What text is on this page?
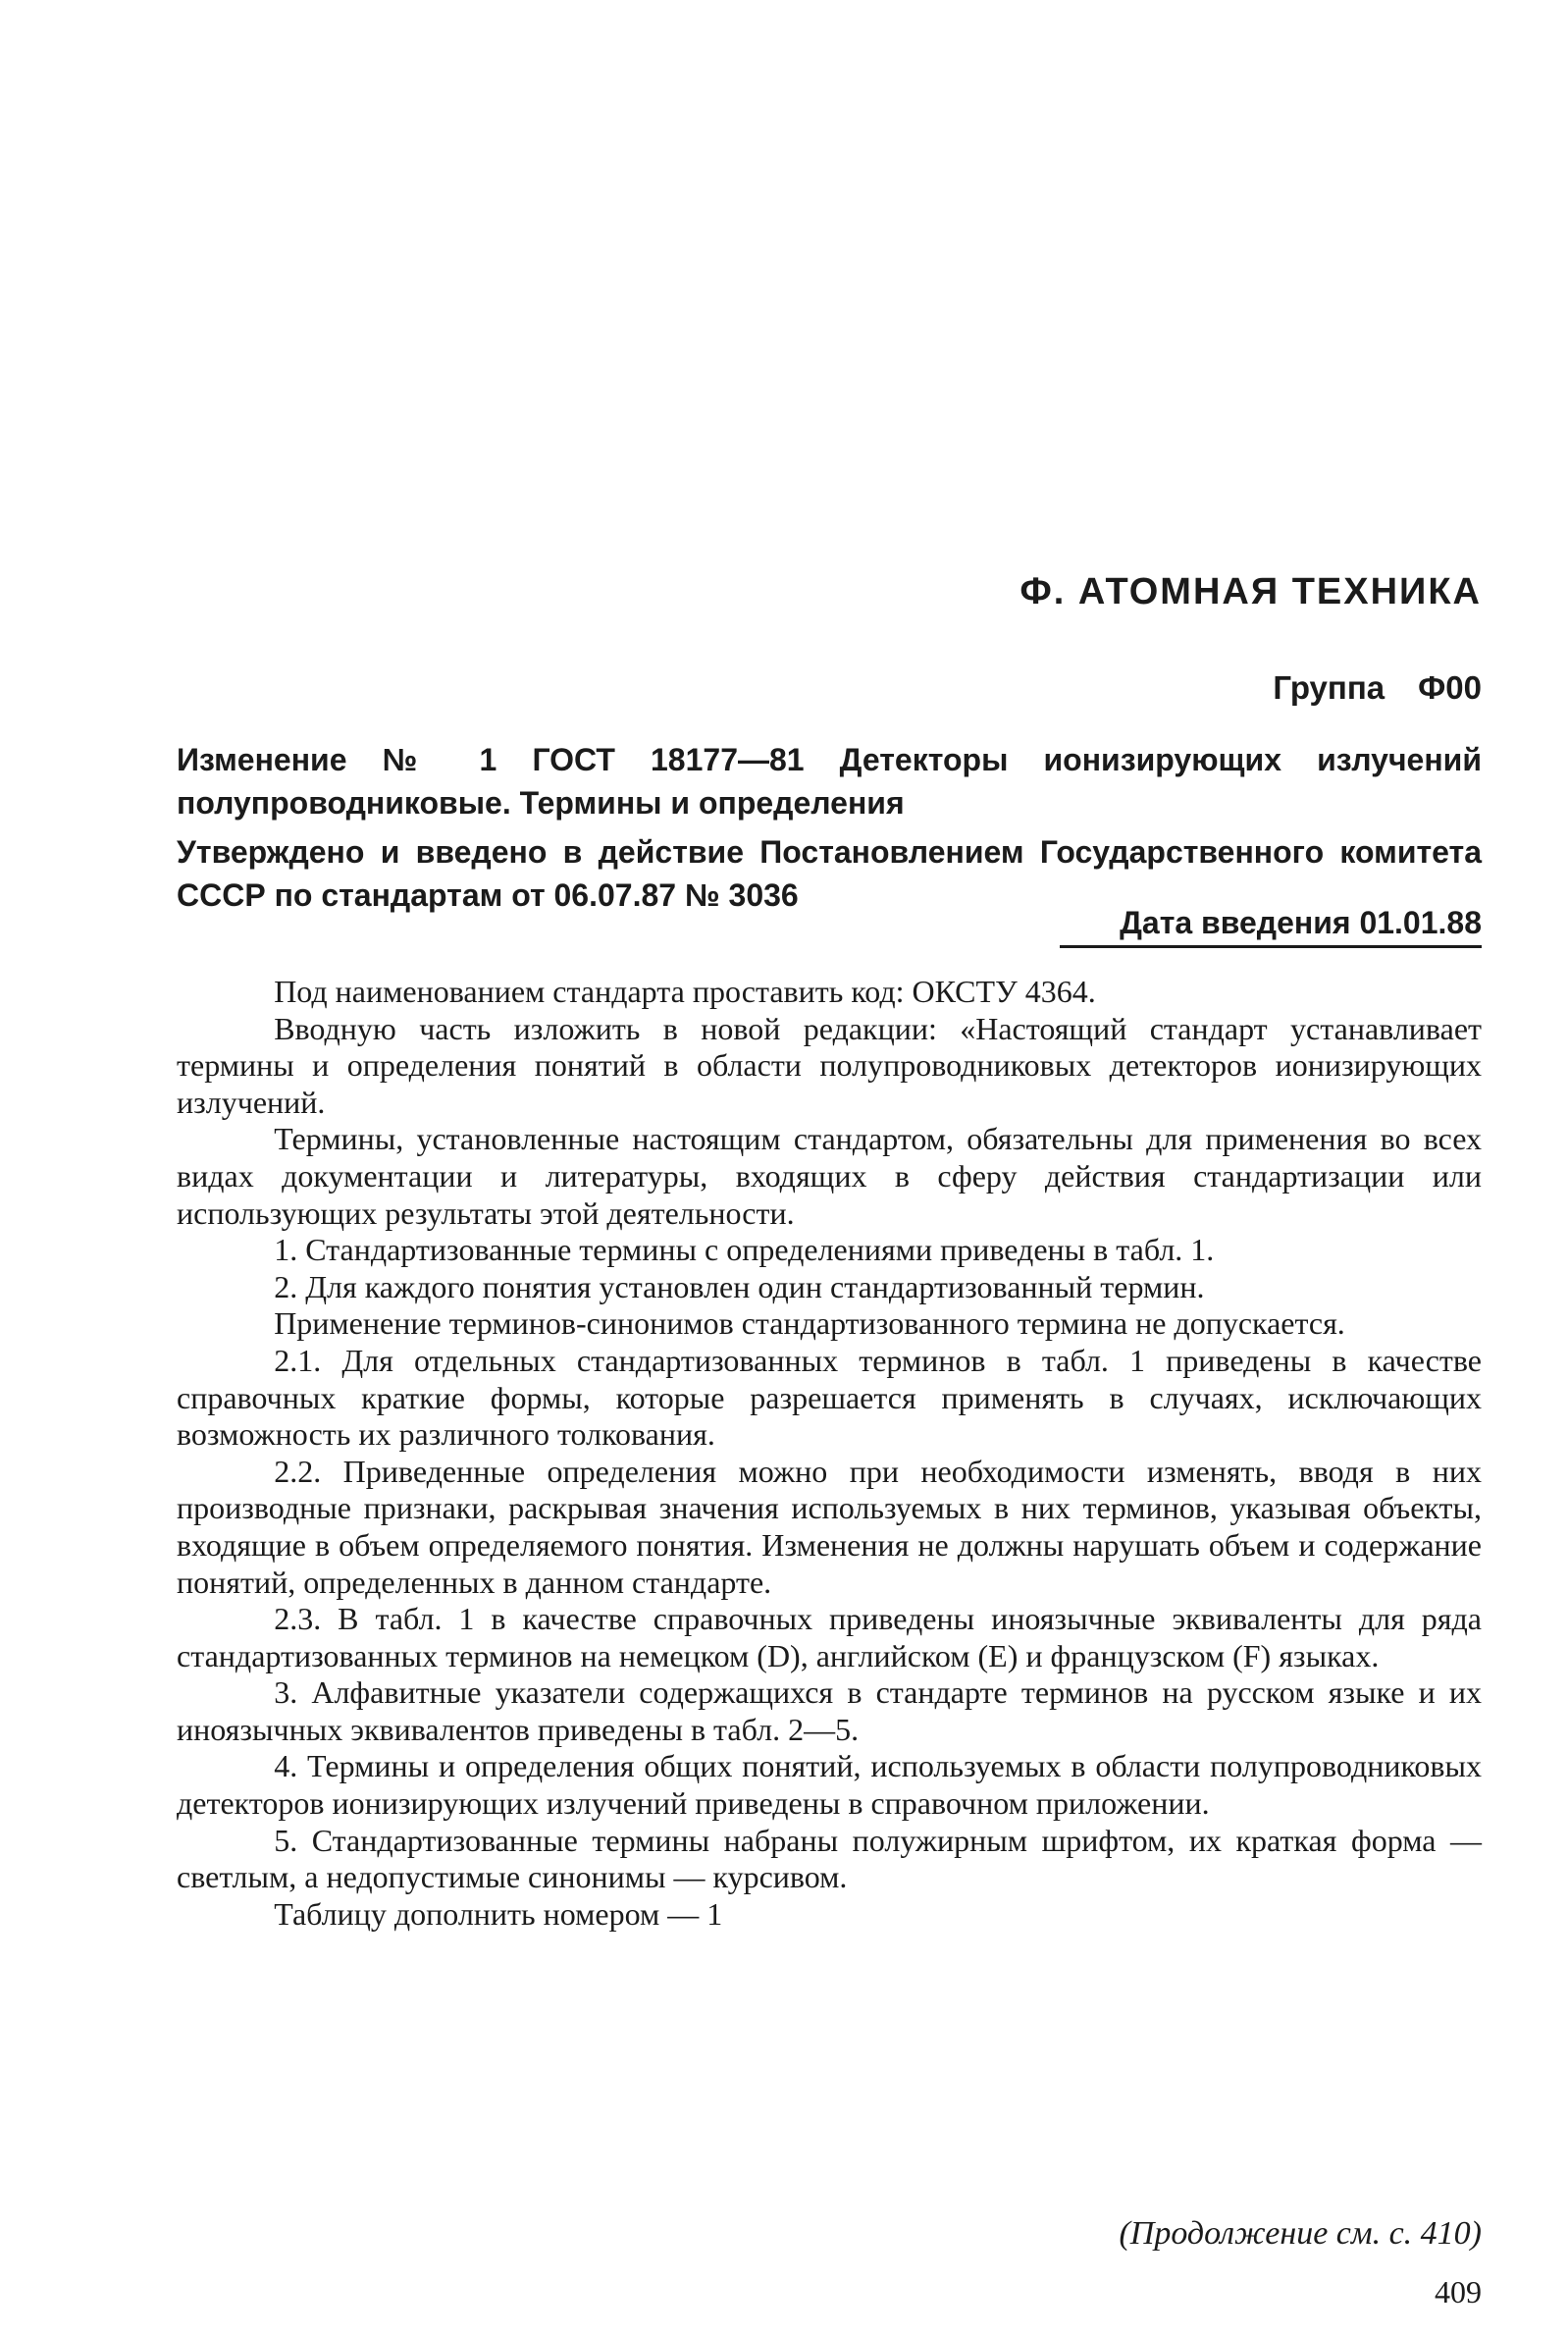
Ф. АТОМНАЯ ТЕХНИКА
Группа Ф00
Изменение № 1 ГОСТ 18177—81 Детекторы ионизирующих излучений полупроводниковые. Термины и определения
Утверждено и введено в действие Постановлением Государственного комитета СССР по стандартам от 06.07.87 № 3036
Дата введения 01.01.88

Под наименованием стандарта проставить код: ОКСТУ 4364.

Вводную часть изложить в новой редакции: «Настоящий стандарт устанавливает термины и определения понятий в области полупроводниковых детекторов ионизирующих излучений.

Термины, установленные настоящим стандартом, обязательны для применения во всех видах документации и литературы, входящих в сферу действия стандартизации или использующих результаты этой деятельности.

1. Стандартизованные термины с определениями приведены в табл. 1.

2. Для каждого понятия установлен один стандартизованный термин.

Применение терминов-синонимов стандартизованного термина не допускается.

2.1. Для отдельных стандартизованных терминов в табл. 1 приведены в качестве справочных краткие формы, которые разрешается применять в случаях, исключающих возможность их различного толкования.

2.2. Приведенные определения можно при необходимости изменять, вводя в них производные признаки, раскрывая значения используемых в них терминов, указывая объекты, входящие в объем определяемого понятия. Изменения не должны нарушать объем и содержание понятий, определенных в данном стандарте.

2.3. В табл. 1 в качестве справочных приведены иноязычные эквиваленты для ряда стандартизованных терминов на немецком (D), английском (E) и французском (F) языках.

3. Алфавитные указатели содержащихся в стандарте терминов на русском языке и их иноязычных эквивалентов приведены в табл. 2—5.

4. Термины и определения общих понятий, используемых в области полупроводниковых детекторов ионизирующих излучений приведены в справочном приложении.

5. Стандартизованные термины набраны полужирным шрифтом, их краткая форма — светлым, а недопустимые синонимы — курсивом.

Таблицу дополнить номером — 1

(Продолжение см. с. 410)
409
